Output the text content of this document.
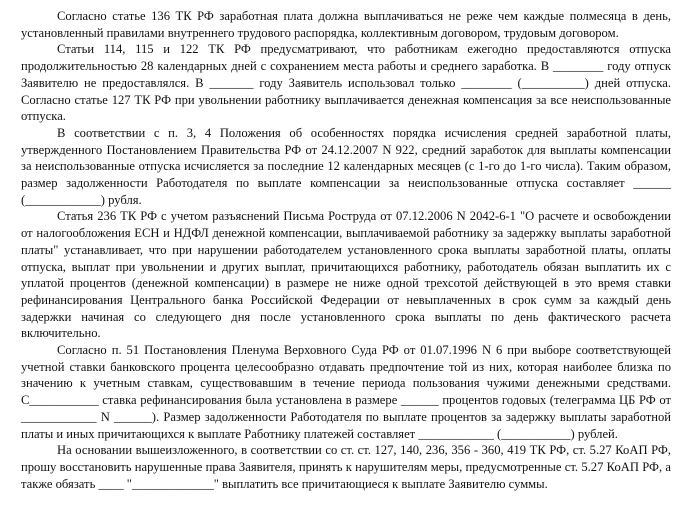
Согласно статье 136 ТК РФ заработная плата должна выплачиваться не реже чем каждые полмесяца в день, установленный правилами внутреннего трудового распорядка, коллективным договором, трудовым договором.

Статьи 114, 115 и 122 ТК РФ предусматривают, что работникам ежегодно предоставляются отпуска продолжительностью 28 календарных дней с сохранением места работы и среднего заработка. В ________ году отпуск Заявителю не предоставлялся. В _______ году Заявитель использовал только ________ (__________) дней отпуска. Согласно статье 127 ТК РФ при увольнении работнику выплачивается денежная компенсация за все неиспользованные отпуска.

В соответствии с п. 3, 4 Положения об особенностях порядка исчисления средней заработной платы, утвержденного Постановлением Правительства РФ от 24.12.2007 N 922, средний заработок для выплаты компенсации за неиспользованные отпуска исчисляется за последние 12 календарных месяцев (с 1-го до 1-го числа). Таким образом, размер задолженности Работодателя по выплате компенсации за неиспользованные отпуска составляет ______ (____________) рубля.

Статья 236 ТК РФ с учетом разъяснений Письма Роструда от 07.12.2006 N 2042-6-1 "О расчете и освобождении от налогообложения ЕСН и НДФЛ денежной компенсации, выплачиваемой работнику за задержку выплаты заработной платы" устанавливает, что при нарушении работодателем установленного срока выплаты заработной платы, оплаты отпуска, выплат при увольнении и других выплат, причитающихся работнику, работодатель обязан выплатить их с уплатой процентов (денежной компенсации) в размере не ниже одной трехсотой действующей в это время ставки рефинансирования Центрального банка Российской Федерации от невыплаченных в срок сумм за каждый день задержки начиная со следующего дня после установленного срока выплаты по день фактического расчета включительно.

Согласно п. 51 Постановления Пленума Верховного Суда РФ от 01.07.1996 N 6 при выборе соответствующей учетной ставки банковского процента целесообразно отдавать предпочтение той из них, которая наиболее близка по значению к учетным ставкам, существовавшим в течение периода пользования чужими денежными средствами. С___________ ставка рефинансирования была установлена в размере ______ процентов годовых (телеграмма ЦБ РФ от ____________ N ______). Размер задолженности Работодателя по выплате процентов за задержку выплаты заработной платы и иных причитающихся к выплате Работнику платежей составляет ____________ (___________) рублей.

На основании вышеизложенного, в соответствии со ст. ст. 127, 140, 236, 356 - 360, 419 ТК РФ, ст. 5.27 КоАП РФ, прошу восстановить нарушенные права Заявителя, принять к нарушителям меры, предусмотренные ст. 5.27 КоАП РФ, а также обязать ____ "_____________" выплатить все причитающиеся к выплате Заявителю суммы.
